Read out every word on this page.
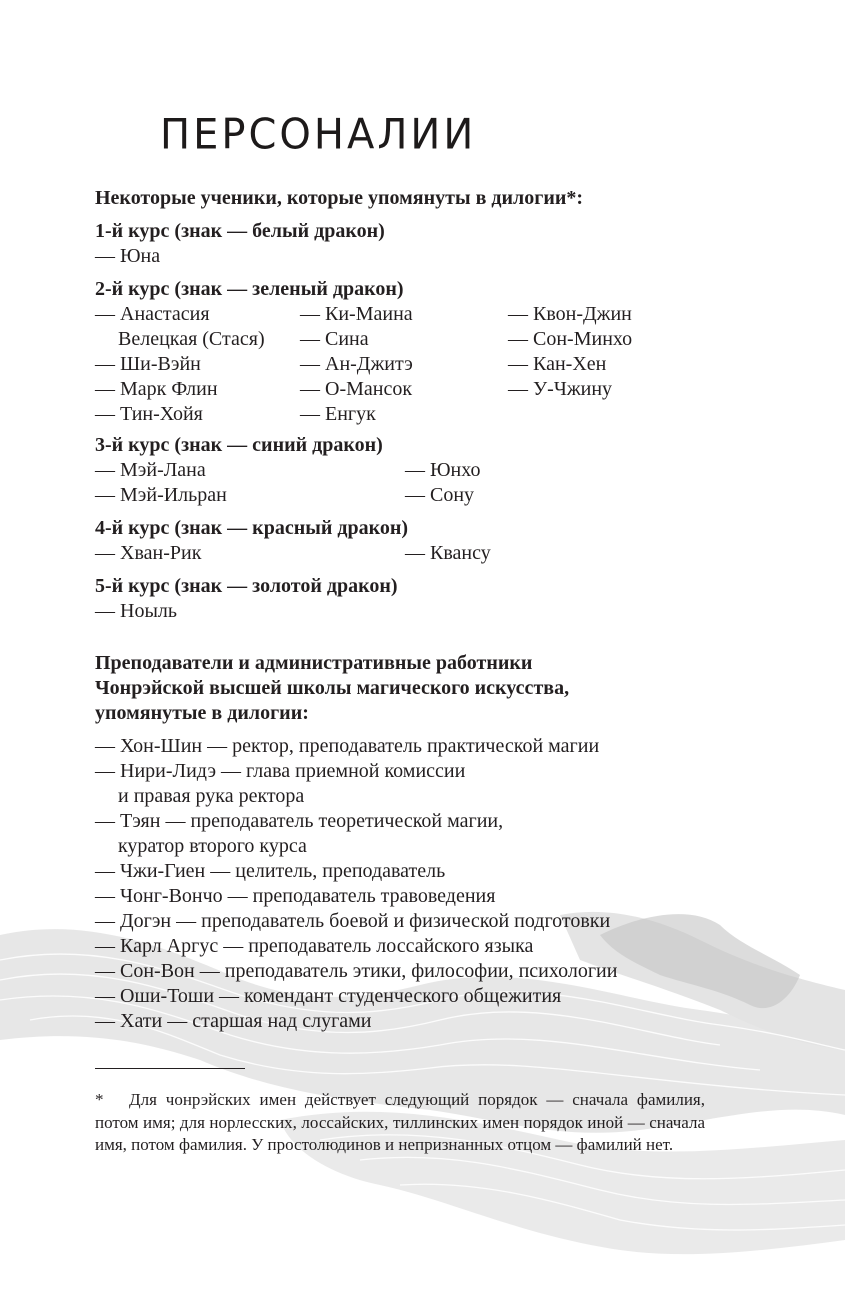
ПЕРСОНАЛИИ

Некоторые ученики, которые упомянуты в дилогии*:

1-й курс (знак — белый дракон)

— Юна

2-й курс (знак — зеленый дракон)

— Анастасия

Велецкая (Стася)

— Ши-Вэйн

— Марк Флин

— Тин-Хойя

— Ки-Маина

— Сина

— Ан-Джитэ

— О-Мансок

— Енгук

— Квон-Джин

— Сон-Минхо

— Кан-Хен

— У-Чжину

3-й курс (знак — синий дракон)

— Мэй-Лана

— Мэй-Ильран

— Юнхо

— Сону

4-й курс (знак — красный дракон)

— Хван-Рик	— Квансу

5-й курс (знак — золотой дракон)

— Ноыль

Преподаватели и административные работники

Чонрэйской высшей школы магического искусства,

упомянутые в дилогии:

— Хон-Шин — ректор, преподаватель практической магии

— Нири-Лидэ — глава приемной комиссии

и правая рука ректора

— Тэян — преподаватель теоретической магии,

куратор второго курса

— Чжи-Гиен — целитель, преподаватель

— Чонг-Вончо — преподаватель травоведения

— Догэн — преподаватель боевой и физической подготовки

— Карл Аргус — преподаватель лоссайского языка

— Сон-Вон — преподаватель этики, философии, психологии

— Оши-Тоши — комендант студенческого общежития

— Хати — старшая над слугами

* Для чонрэйских имен действует следующий порядок — сначала фамилия, потом имя; для норлесских, лоссайских, тиллинских имен порядок иной — сначала имя, потом фамилия. У простолюдинов и непризнанных отцом — фамилий нет.
